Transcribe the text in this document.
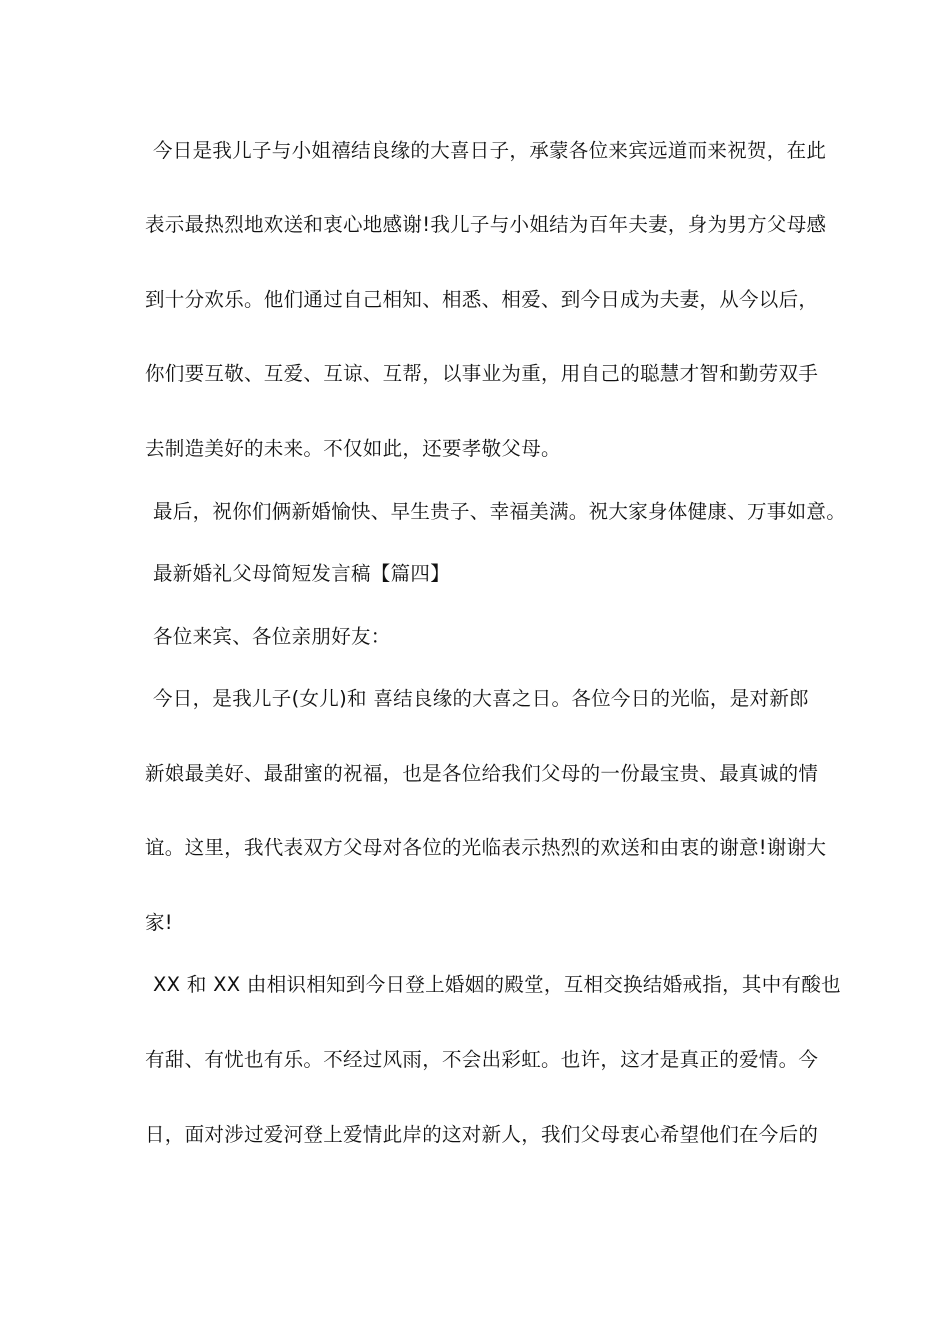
今日是我儿子与小姐禧结良缘的大喜日子，承蒙各位来宾远道而来祝贺，在此
表示最热烈地欢送和衷心地感谢!我儿子与小姐结为百年夫妻，身为男方父母感
到十分欢乐。他们通过自己相知、相悉、相爱、到今日成为夫妻，从今以后，
你们要互敬、互爱、互谅、互帮，以事业为重，用自己的聪慧才智和勤劳双手
去制造美好的未来。不仅如此，还要孝敬父母。
最后，祝你们俩新婚愉快、早生贵子、幸福美满。祝大家身体健康、万事如意。
最新婚礼父母简短发言稿【篇四】
各位来宾、各位亲朋好友：
今日，是我儿子(女儿)和 喜结良缘的大喜之日。各位今日的光临，是对新郎
新娘最美好、最甜蜜的祝福，也是各位给我们父母的一份最宝贵、最真诚的情
谊。这里，我代表双方父母对各位的光临表示热烈的欢送和由衷的谢意!谢谢大
家!
XX 和 XX 由相识相知到今日登上婚姻的殿堂，互相交换结婚戒指，其中有酸也
有甜、有忧也有乐。不经过风雨，不会出彩虹。也许，这才是真正的爱情。今
日，面对涉过爱河登上爱情此岸的这对新人，我们父母衷心希望他们在今后的
